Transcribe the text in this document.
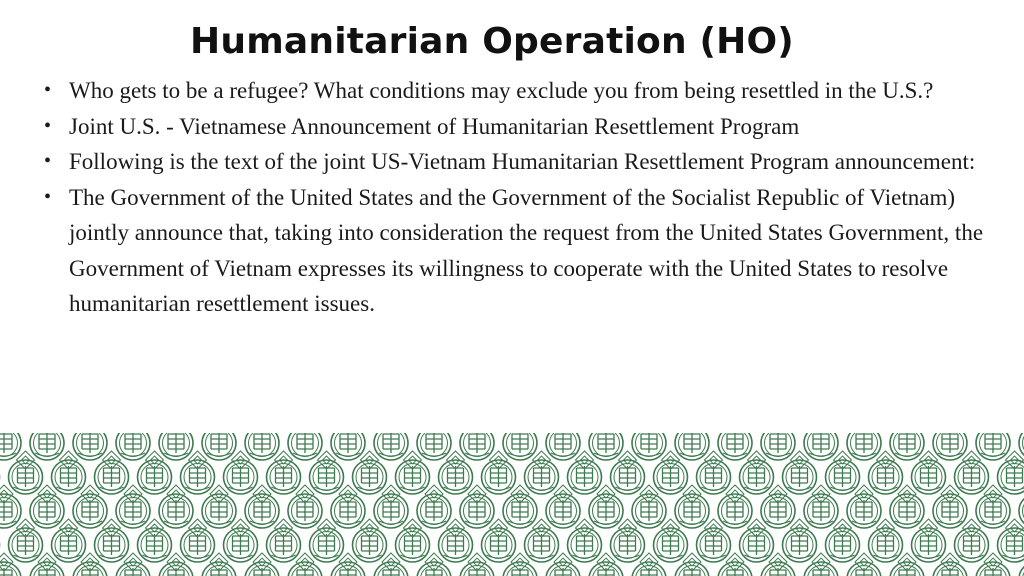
Humanitarian Operation (HO)
• Who gets to be a refugee? What conditions may exclude you from being resettled in the U.S.?
• Joint U.S. - Vietnamese Announcement of Humanitarian Resettlement Program
• Following is the text of the joint US-Vietnam Humanitarian Resettlement Program announcement:
• The Government of the United States and the Government of the Socialist Republic of Vietnam) jointly announce that, taking into consideration the request from the United States Government, the Government of Vietnam expresses its willingness to cooperate with the United States to resolve humanitarian resettlement issues.
